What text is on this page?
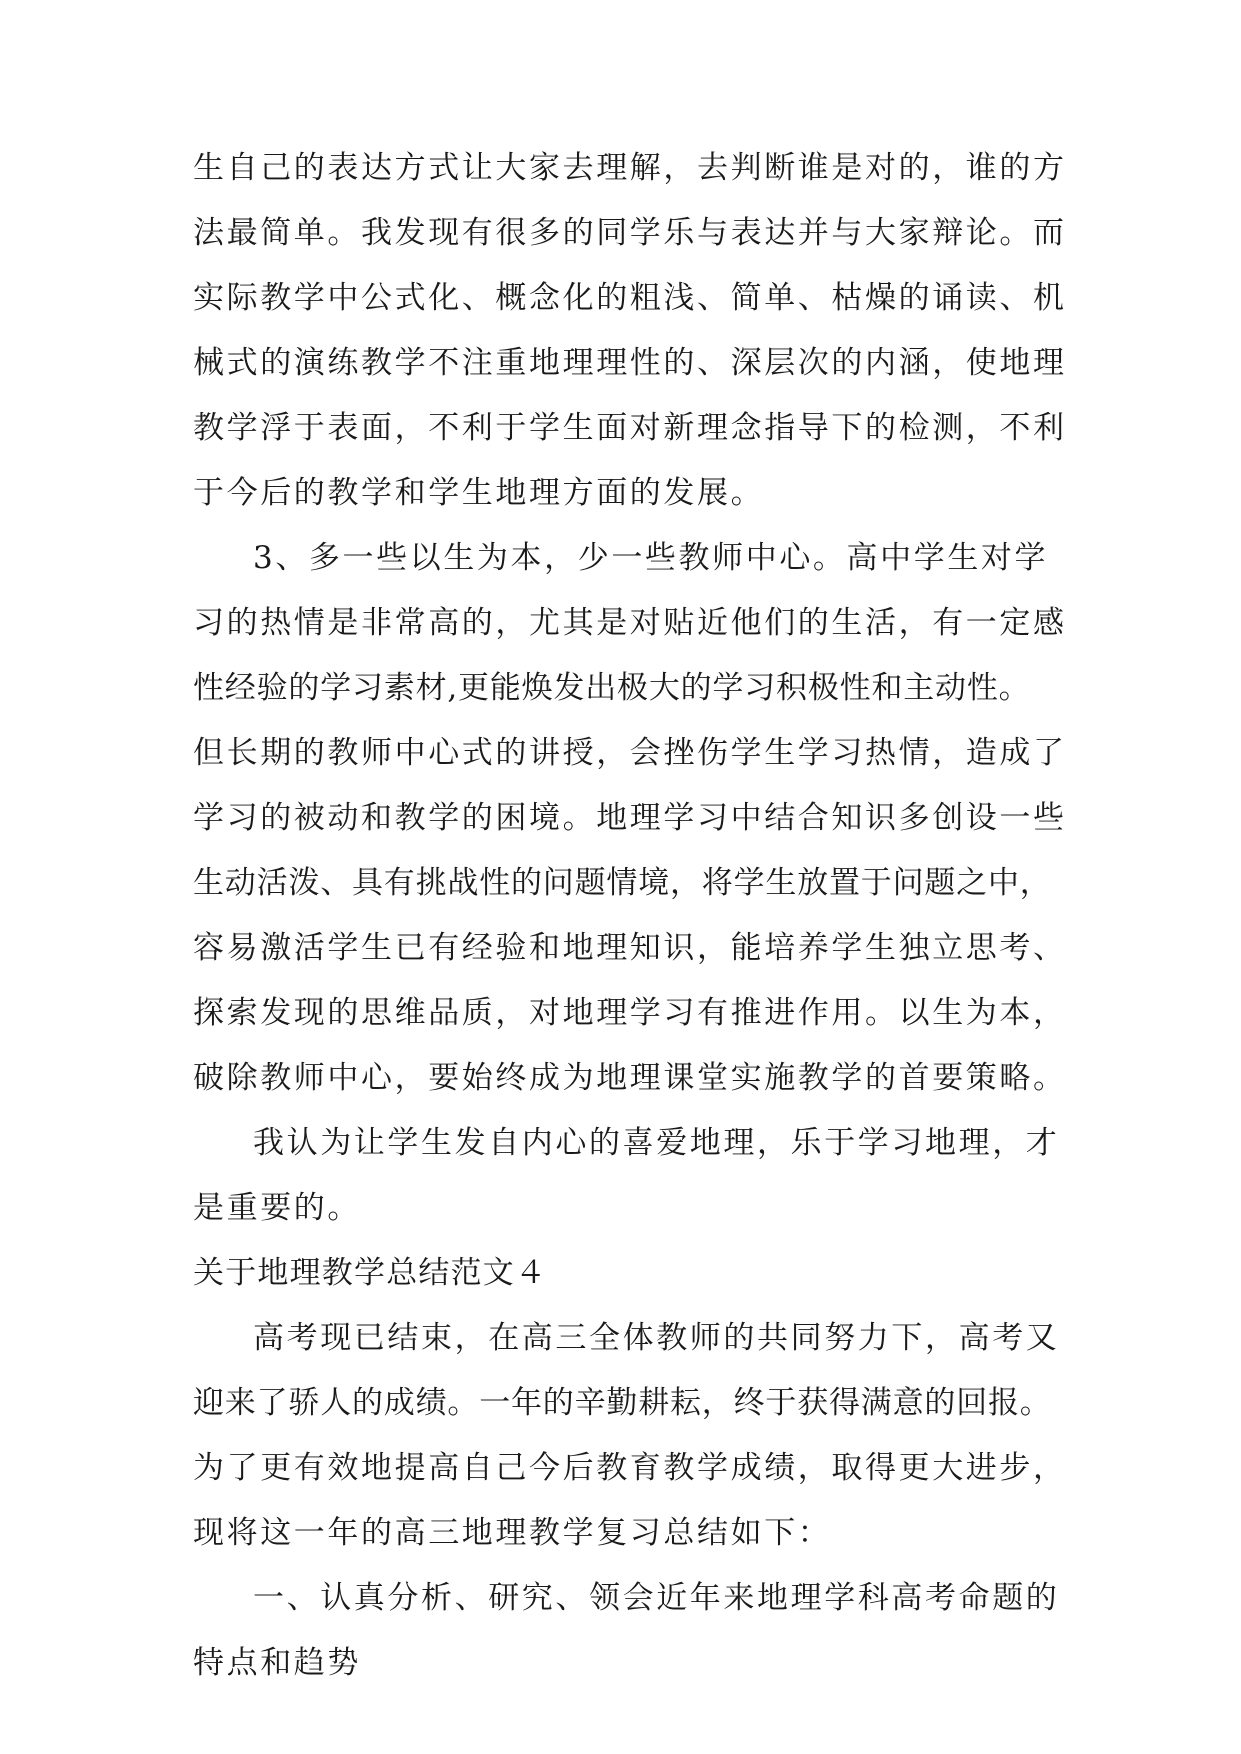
生自己的表达方式让大家去理解，去判断谁是对的，谁的方
法最简单。我发现有很多的同学乐与表达并与大家辩论。而
实际教学中公式化、概念化的粗浅、简单、枯燥的诵读、机
械式的演练教学不注重地理理性的、深层次的内涵，使地理
教学浮于表面，不利于学生面对新理念指导下的检测，不利
于今后的教学和学生地理方面的发展。
3、多一些以生为本，少一些教师中心。高中学生对学
习的热情是非常高的，尤其是对贴近他们的生活，有一定感
性经验的学习素材,更能焕发出极大的学习积极性和主动性。
但长期的教师中心式的讲授，会挫伤学生学习热情，造成了
学习的被动和教学的困境。地理学习中结合知识多创设一些
生动活泼、具有挑战性的问题情境，将学生放置于问题之中，
容易激活学生已有经验和地理知识，能培养学生独立思考、
探索发现的思维品质，对地理学习有推进作用。以生为本，
破除教师中心，要始终成为地理课堂实施教学的首要策略。
我认为让学生发自内心的喜爱地理，乐于学习地理，才
是重要的。
关于地理教学总结范文４
高考现已结束，在高三全体教师的共同努力下，高考又
迎来了骄人的成绩。一年的辛勤耕耘，终于获得满意的回报。
为了更有效地提高自己今后教育教学成绩，取得更大进步，
现将这一年的高三地理教学复习总结如下：
一、认真分析、研究、领会近年来地理学科高考命题的
特点和趋势
